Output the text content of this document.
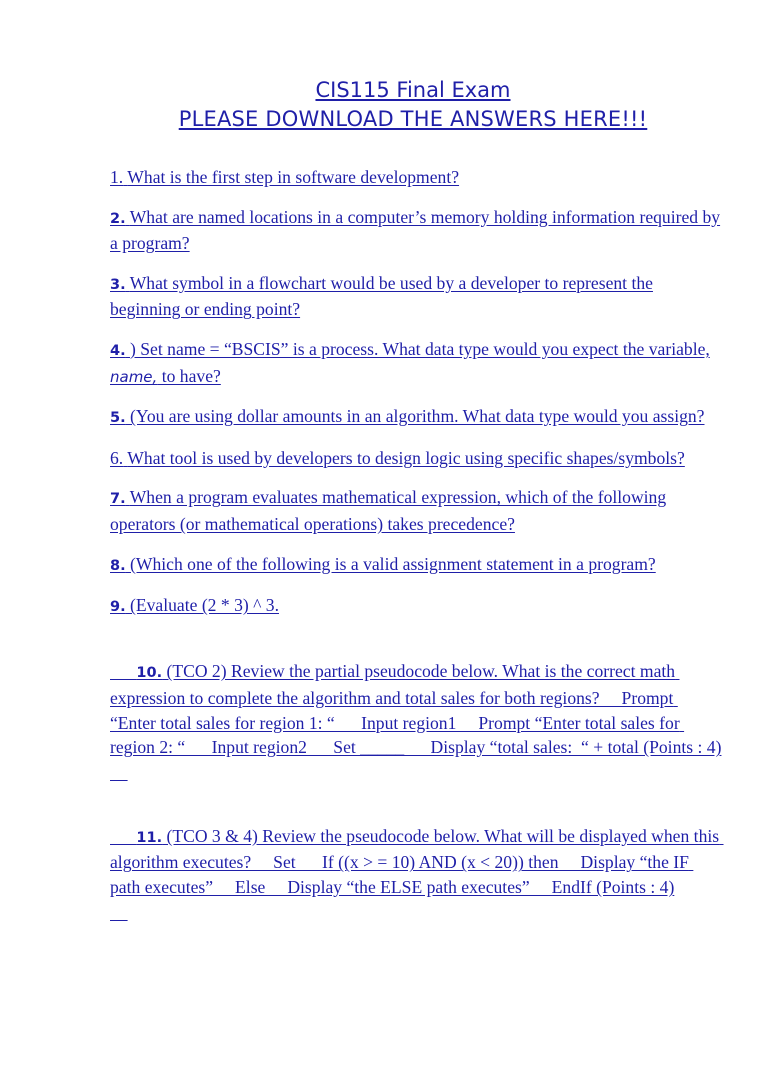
CIS115 Final Exam
PLEASE DOWNLOAD THE ANSWERS HERE!!!
1. What is the first step in software development?
2. What are named locations in a computer’s memory holding information required by a program?
3. What symbol in a flowchart would be used by a developer to represent the beginning or ending point?
4. ) Set name = “BSCIS” is a process. What data type would you expect the variable, name, to have?
5. (You are using dollar amounts in an algorithm. What data type would you assign?
6. What tool is used by developers to design logic using specific shapes/symbols?
7. When a program evaluates mathematical expression, which of the following operators (or mathematical operations) takes precedence?
8. (Which one of the following is a valid assignment statement in a program?
9. (Evaluate (2 * 3) ^ 3.

10. (TCO 2) Review the partial pseudocode below. What is the correct math expression to complete the algorithm and total sales for both regions?     Prompt “Enter total sales for region 1: “      Input region1     Prompt “Enter total sales for region 2: “      Input region2      Set _____      Display “total sales:  “ + total (Points : 4)

11. (TCO 3 & 4) Review the pseudocode below. What will be displayed when this algorithm executes?     Set      If ((x > = 10) AND (x < 20)) then     Display “the IF path executes”     Else     Display “the ELSE path executes”     EndIf (Points : 4)
